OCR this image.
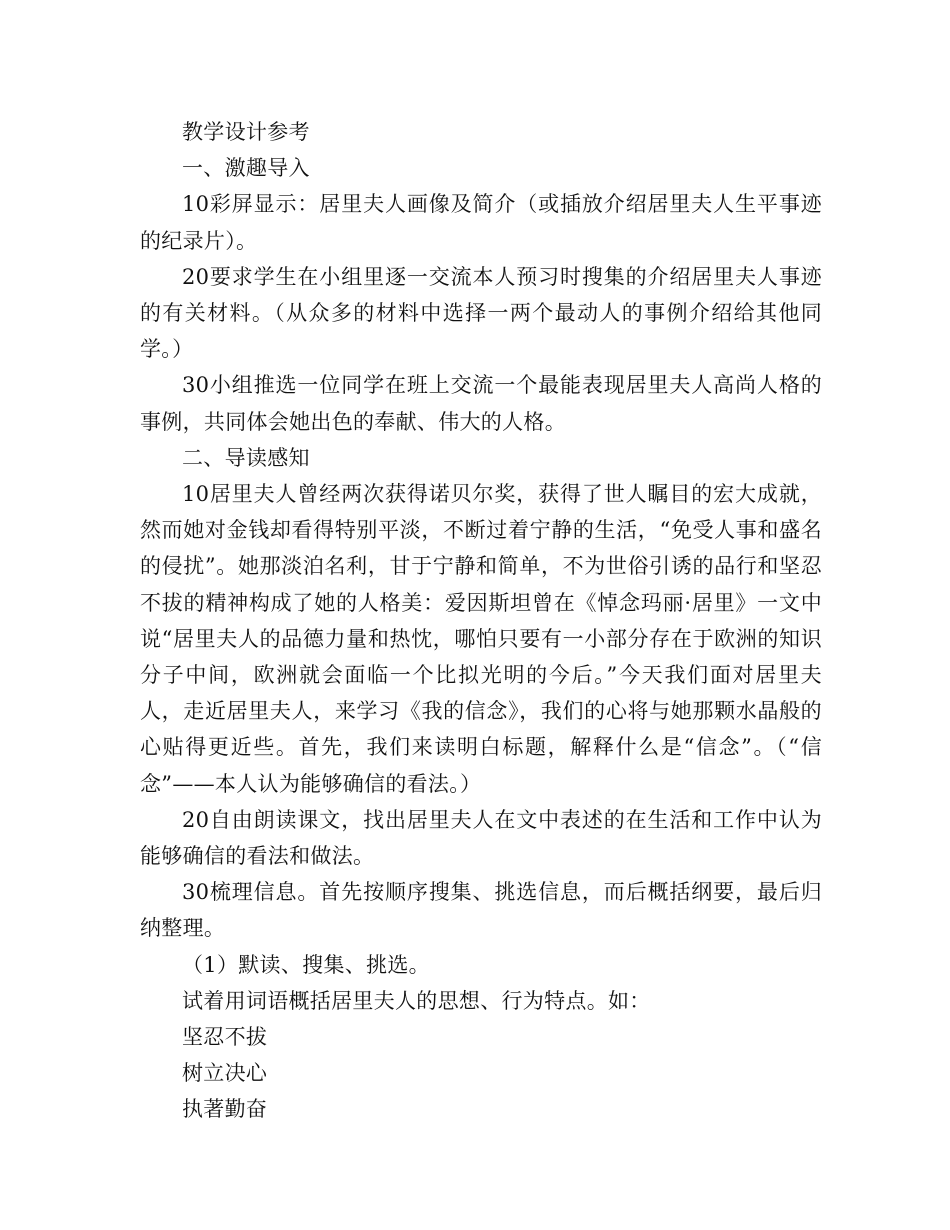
教学设计参考

一、激趣导入

10彩屏显示：居里夫人画像及简介（或插放介绍居里夫人生平事迹的纪录片）。

20要求学生在小组里逐一交流本人预习时搜集的介绍居里夫人事迹的有关材料。（从众多的材料中选择一两个最动人的事例介绍给其他同学。）

30小组推选一位同学在班上交流一个最能表现居里夫人高尚人格的事例，共同体会她出色的奉献、伟大的人格。

二、导读感知

10居里夫人曾经两次获得诺贝尔奖，获得了世人瞩目的宏大成就，然而她对金钱却看得特别平淡，不断过着宁静的生活，“免受人事和盛名的侵扰”。她那淡泊名利，甘于宁静和简单，不为世俗引诱的品行和坚忍不拔的精神构成了她的人格美：爱因斯坦曾在《悼念玛丽·居里》一文中说“居里夫人的品德力量和热忱，哪怕只要有一小部分存在于欧洲的知识分子中间，欧洲就会面临一个比拟光明的今后。”今天我们面对居里夫人，走近居里夫人，来学习《我的信念》，我们的心将与她那颗水晶般的心贴得更近些。首先，我们来读明白标题，解释什么是“信念”。（“信念”——本人认为能够确信的看法。）

20自由朗读课文，找出居里夫人在文中表述的在生活和工作中认为能够确信的看法和做法。

30梳理信息。首先按顺序搜集、挑选信息，而后概括纲要，最后归纳整理。

（1）默读、搜集、挑选。

试着用词语概括居里夫人的思想、行为特点。如：

坚忍不拔

树立决心

执著勤奋
